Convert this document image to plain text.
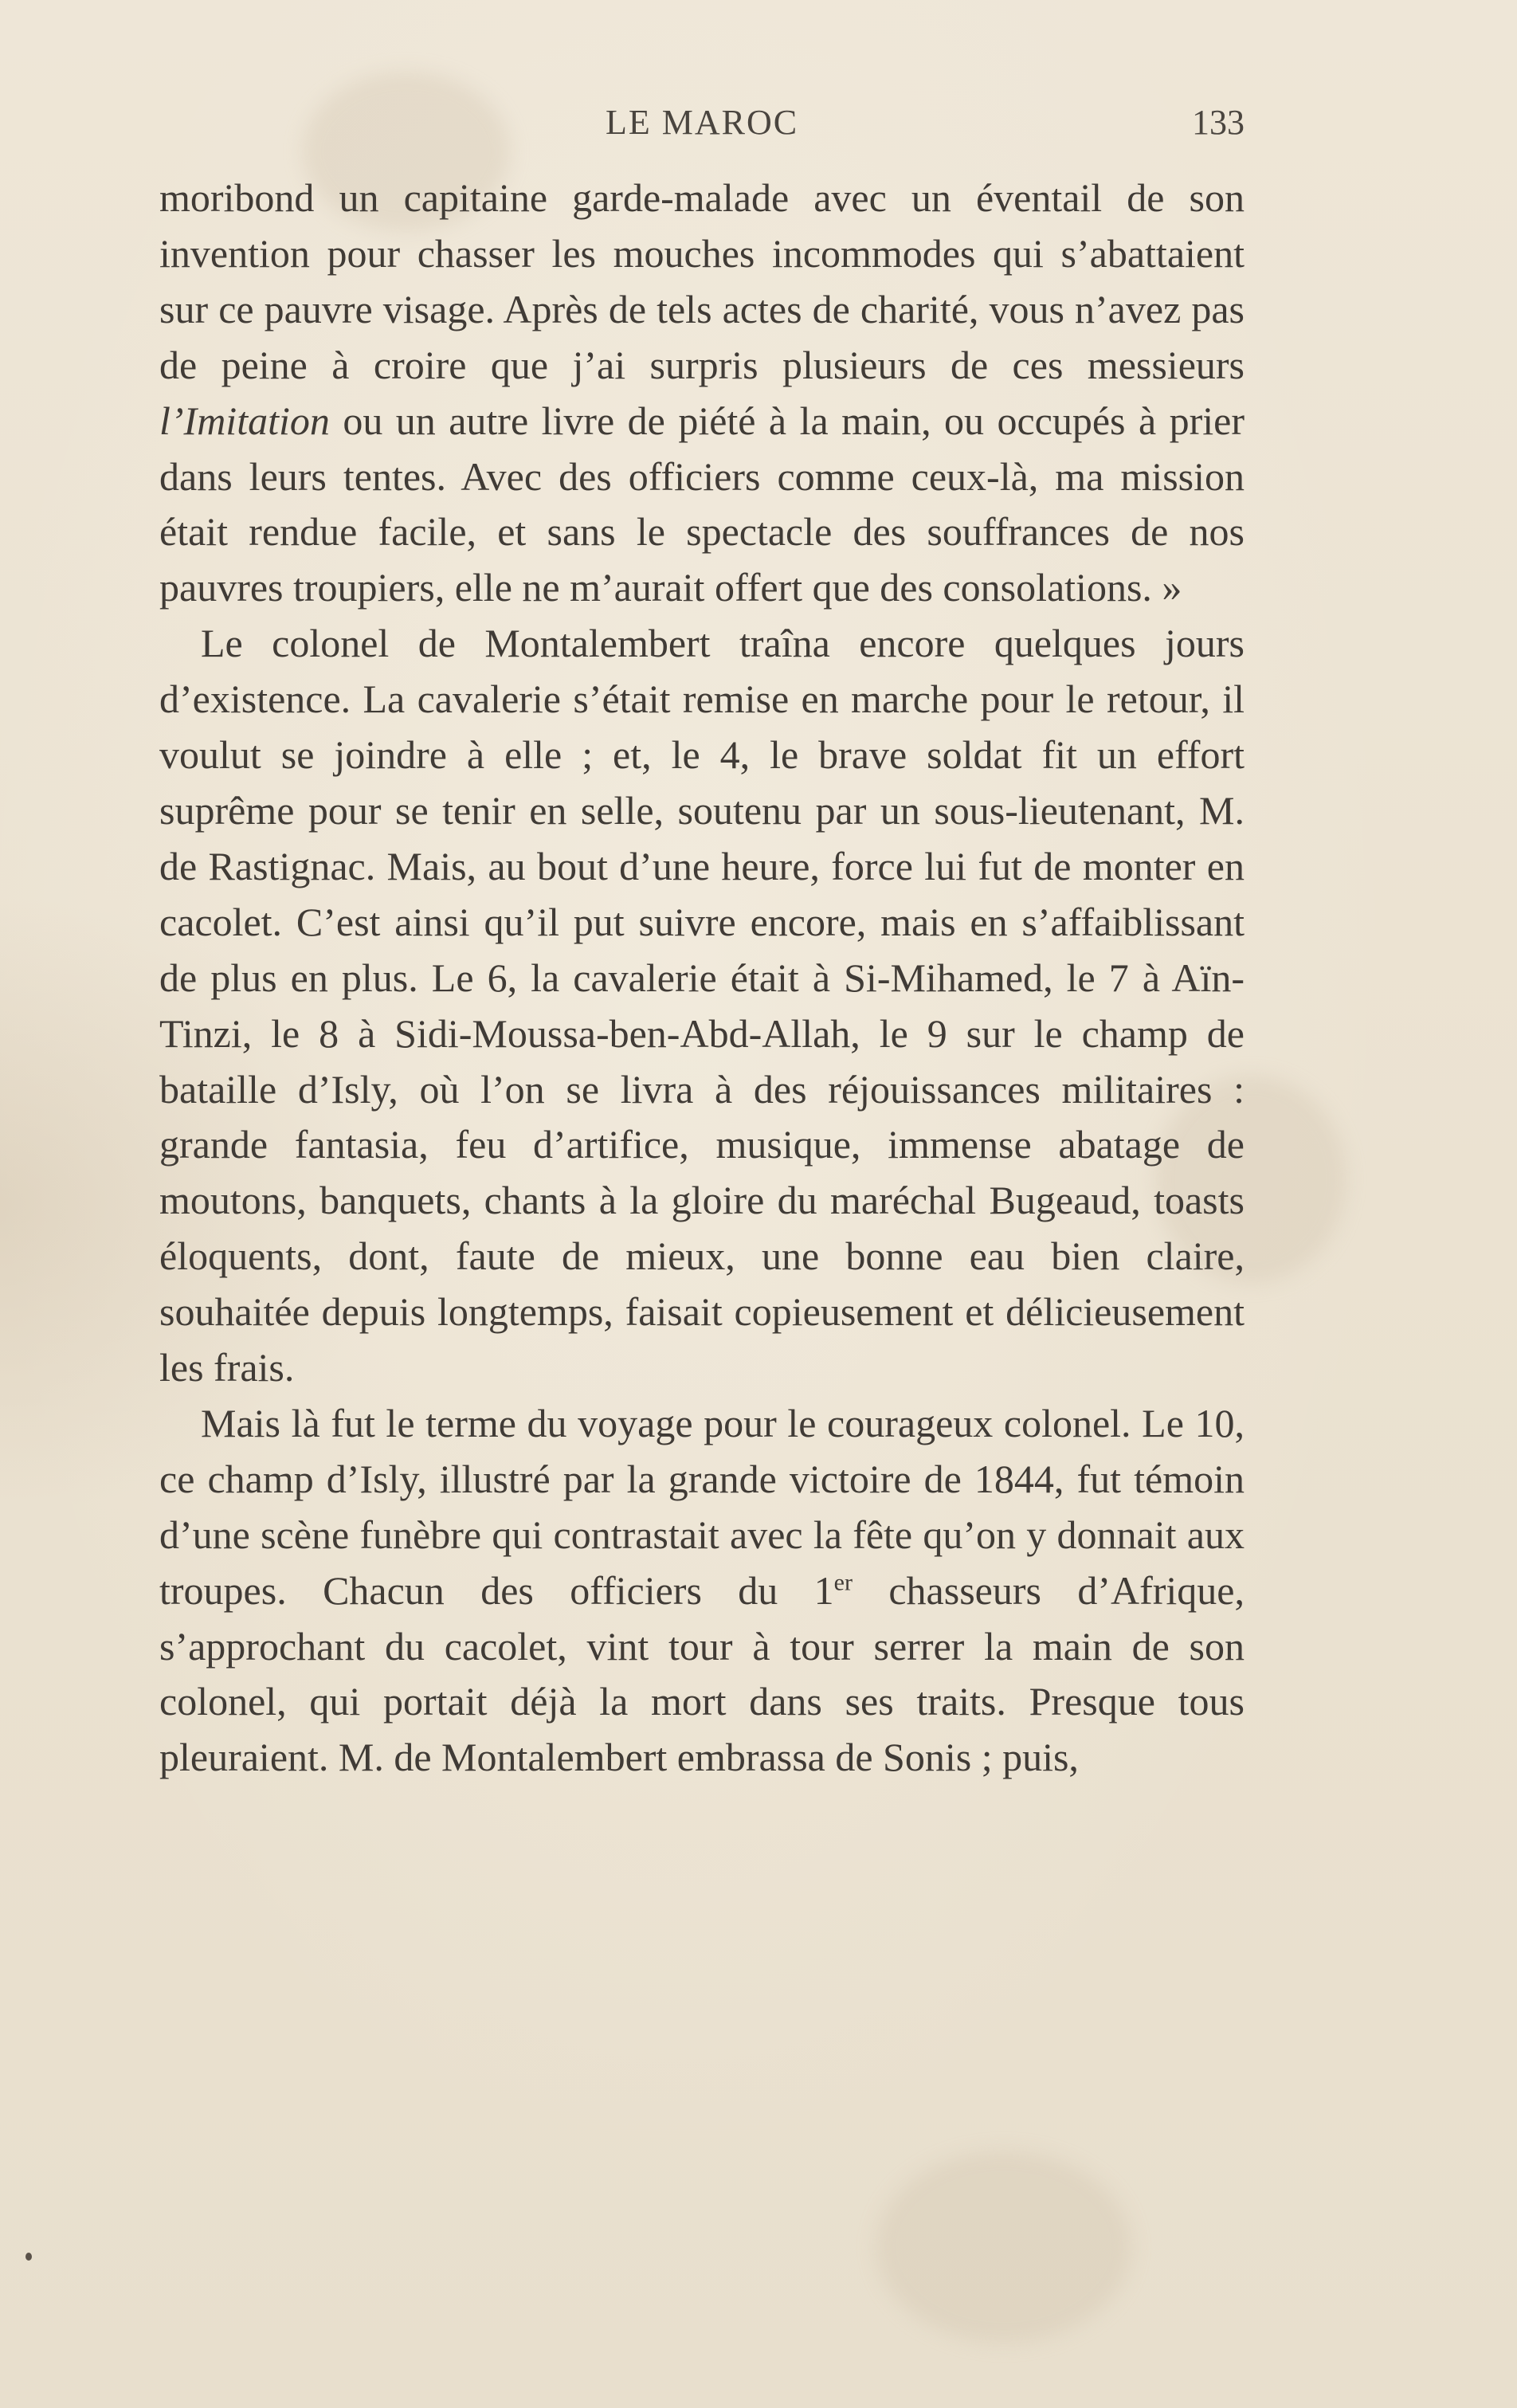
LE MAROC	133

moribond un capitaine garde-malade avec un éventail de son invention pour chasser les mouches incommodes qui s’abattaient sur ce pauvre visage. Après de tels actes de charité, vous n’avez pas de peine à croire que j’ai surpris plusieurs de ces messieurs l’Imitation ou un autre livre de piété à la main, ou occupés à prier dans leurs tentes. Avec des officiers comme ceux-là, ma mission était rendue facile, et sans le spectacle des souffrances de nos pauvres troupiers, elle ne m’aurait offert que des consolations. »

Le colonel de Montalembert traîna encore quelques jours d’existence. La cavalerie s’était remise en marche pour le retour, il voulut se joindre à elle ; et, le 4, le brave soldat fit un effort suprême pour se tenir en selle, soutenu par un sous-lieutenant, M. de Rastignac. Mais, au bout d’une heure, force lui fut de monter en cacolet. C’est ainsi qu’il put suivre encore, mais en s’affaiblissant de plus en plus. Le 6, la cavalerie était à Si-Mihamed, le 7 à Aïn-Tinzi, le 8 à Sidi-Moussa-ben-Abd-Allah, le 9 sur le champ de bataille d’Isly, où l’on se livra à des réjouissances militaires : grande fantasia, feu d’artifice, musique, immense abatage de moutons, banquets, chants à la gloire du maréchal Bugeaud, toasts éloquents, dont, faute de mieux, une bonne eau bien claire, souhaitée depuis longtemps, faisait copieusement et délicieusement les frais.

Mais là fut le terme du voyage pour le courageux colonel. Le 10, ce champ d’Isly, illustré par la grande victoire de 1844, fut témoin d’une scène funèbre qui contrastait avec la fête qu’on y donnait aux troupes. Chacun des officiers du 1er chasseurs d’Afrique, s’approchant du cacolet, vint tour à tour serrer la main de son colonel, qui portait déjà la mort dans ses traits. Presque tous pleuraient. M. de Montalembert embrassa de Sonis ; puis,
